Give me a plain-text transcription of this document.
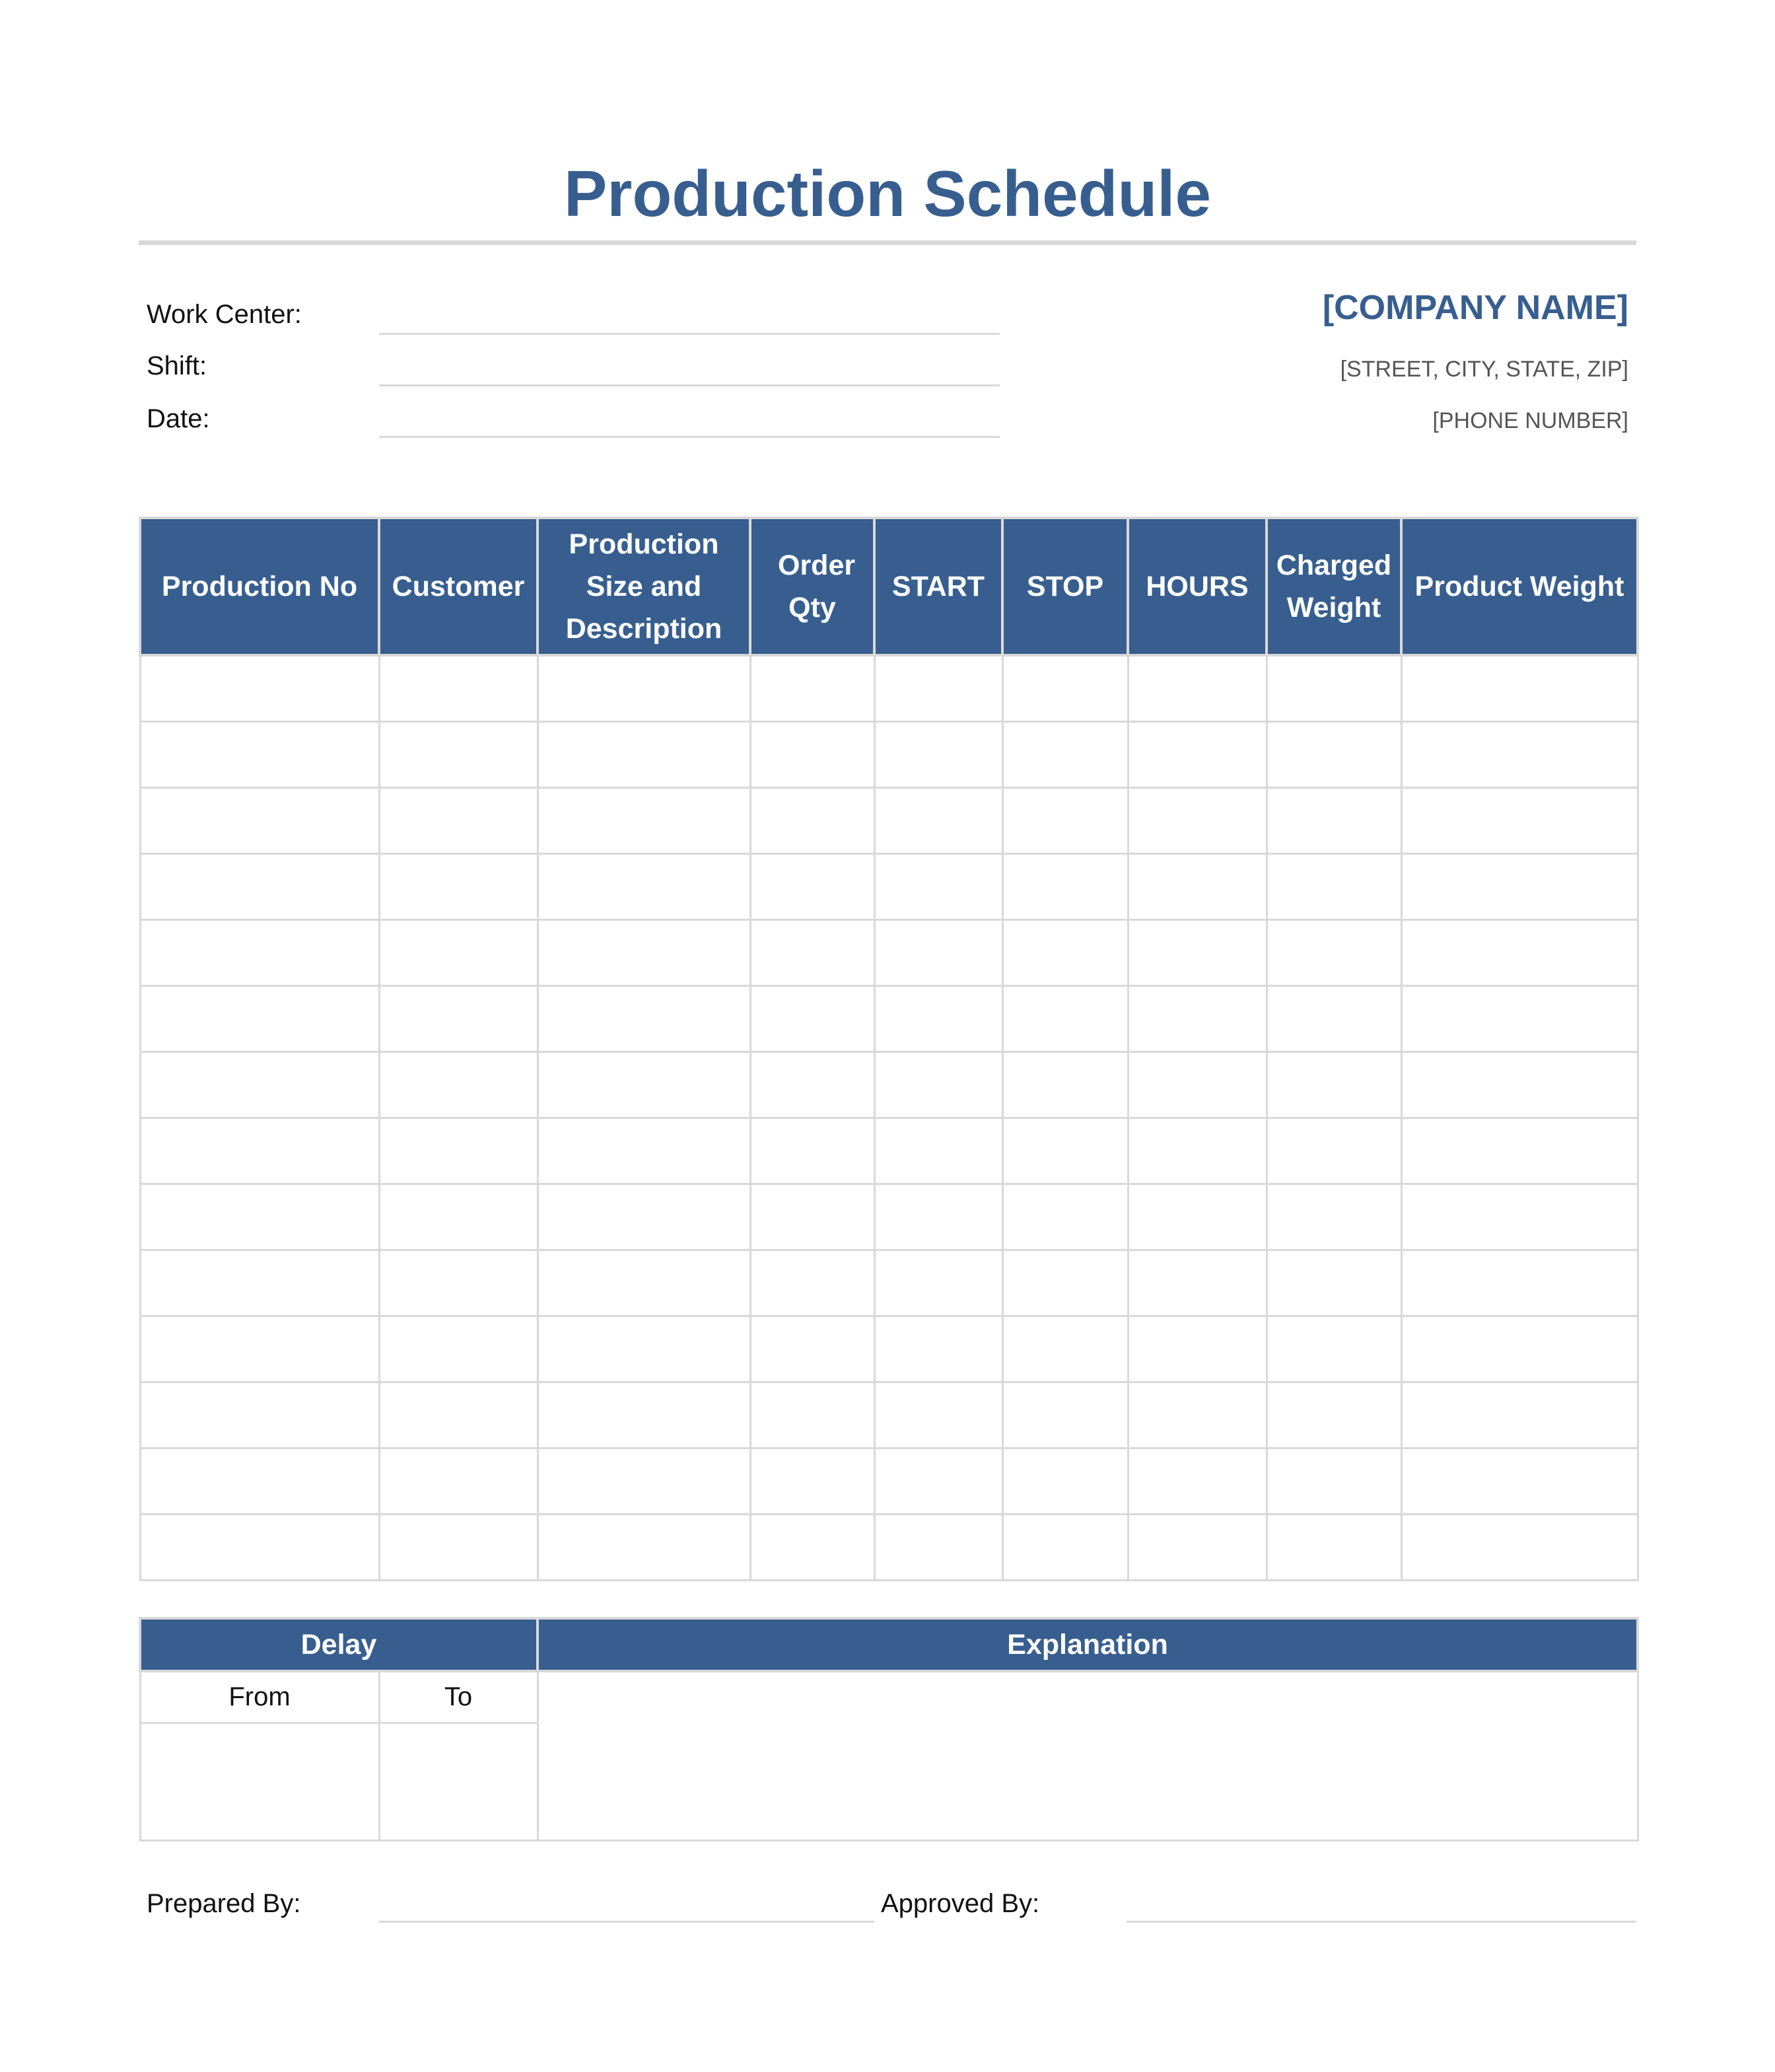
Production Schedule
Work Center:
Shift:
Date:
[COMPANY NAME]
[STREET, CITY, STATE, ZIP]
[PHONE NUMBER]
Production No	Customer	Production Size and Description	Order Qty	START	STOP	HOURS	Charged Weight	Product Weight

Delay		Explanation
From	To	

Prepared By:	Approved By:
